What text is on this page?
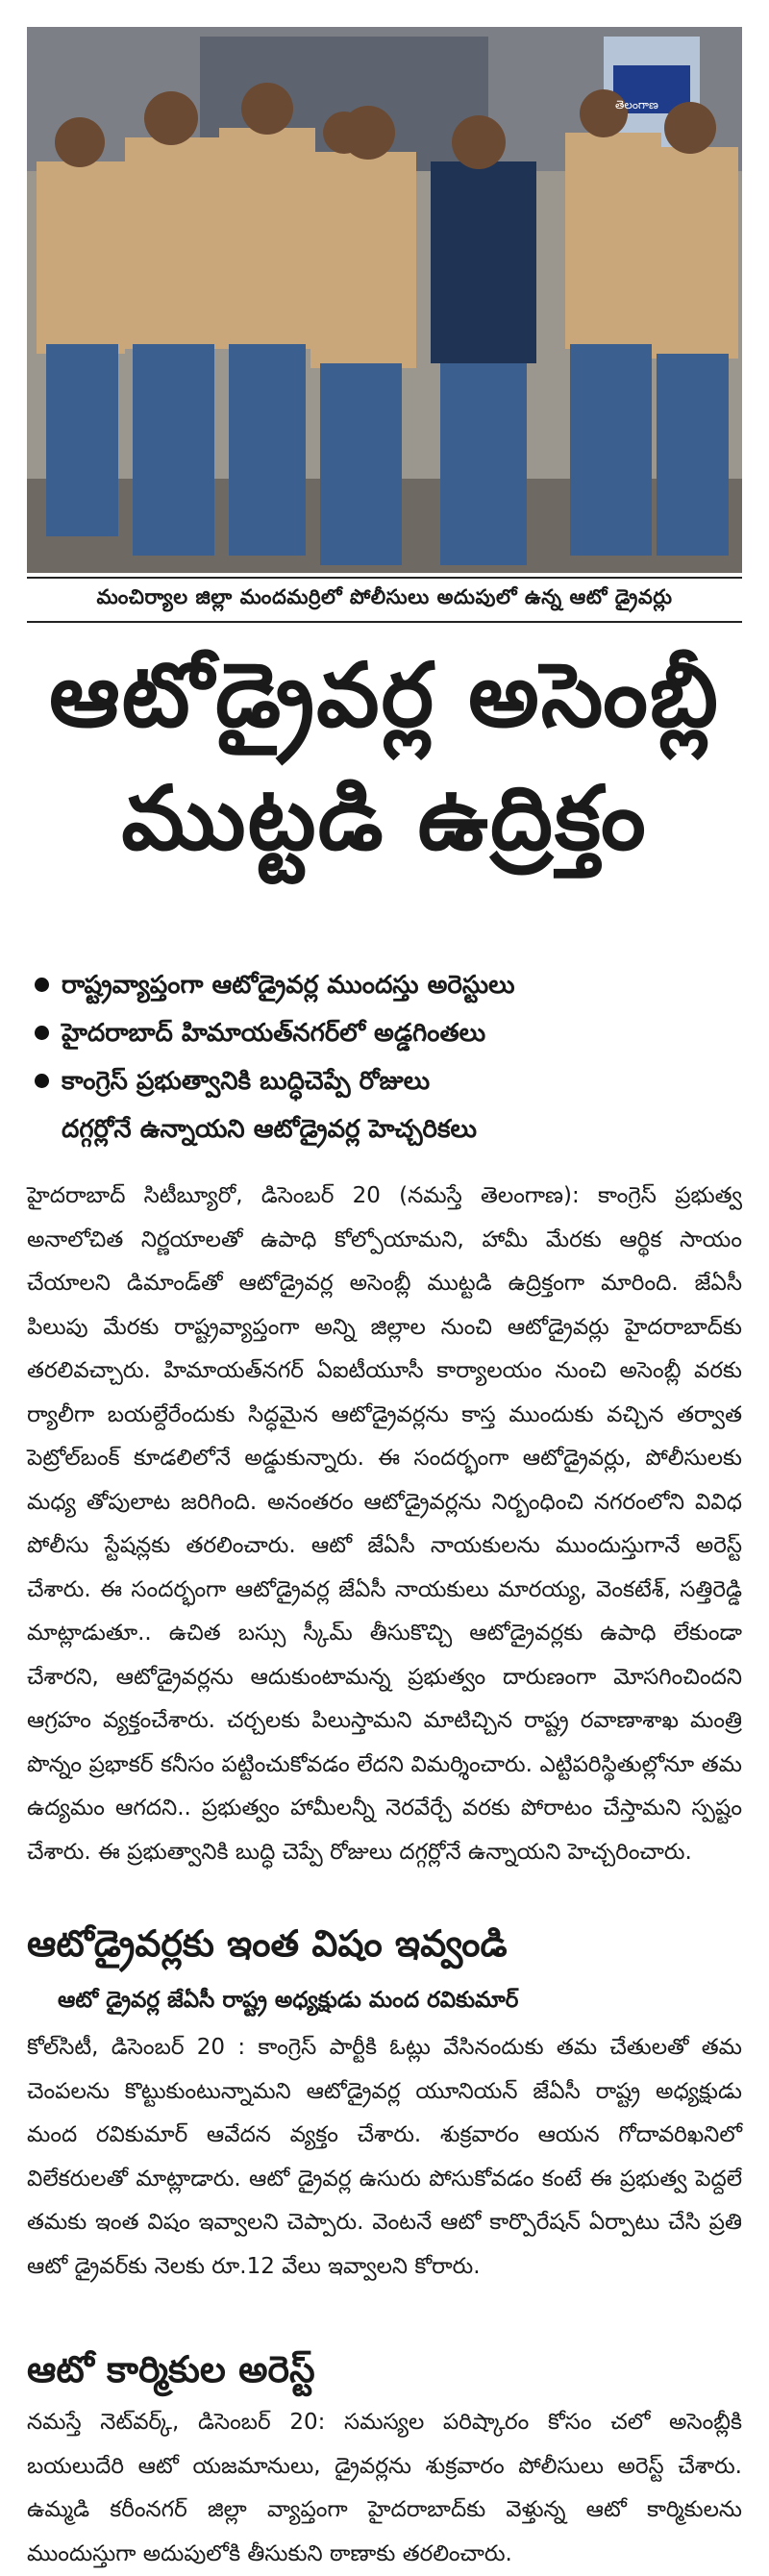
తెలంగాణ
మంచిర్యాల జిల్లా మందమర్రిలో పోలీసులు అదుపులో ఉన్న ఆటో డ్రైవర్లు
ఆటోడ్రైవర్ల అసెంబ్లీ
ముట్టడి ఉద్రిక్తం
రాష్ట్రవ్యాప్తంగా ఆటోడ్రైవర్ల ముందస్తు అరెస్టులు
హైదరాబాద్ హిమాయత్‌నగర్‌లో అడ్డగింతలు
కాంగ్రెస్ ప్రభుత్వానికి బుద్ధిచెప్పే రోజులు
దగ్గర్లోనే ఉన్నాయని ఆటోడ్రైవర్ల హెచ్చరికలు

హైదరాబాద్ సిటీబ్యూరో, డిసెంబర్ 20 (నమస్తే తెలంగాణ): కాంగ్రెస్ ప్రభుత్వ అనాలోచిత నిర్ణయాలతో ఉపాధి కోల్పోయామని, హామీ మేరకు ఆర్థిక సాయం చేయాలని డిమాండ్‌తో ఆటోడ్రైవర్ల అసెంబ్లీ ముట్టడి ఉద్రిక్తంగా మారింది. జేఏసీ పిలుపు మేరకు రాష్ట్రవ్యాప్తంగా అన్ని జిల్లాల నుంచి ఆటోడ్రైవర్లు హైదరాబాద్‌కు తరలివచ్చారు. హిమాయత్‌నగర్ ఏఐటీయూసీ కార్యాలయం నుంచి అసెంబ్లీ వరకు ర్యాలీగా బయల్దేరేందుకు సిద్ధమైన ఆటోడ్రైవర్లను కాస్త ముందుకు వచ్చిన తర్వాత పెట్రోల్‌బంక్ కూడలిలోనే అడ్డుకున్నారు. ఈ సందర్భంగా ఆటోడ్రైవర్లు, పోలీసులకు మధ్య తోపులాట జరిగింది. అనంతరం ఆటోడ్రైవర్లను నిర్బంధించి నగరంలోని వివిధ పోలీసు స్టేషన్లకు తరలించారు. ఆటో జేఏసీ నాయకులను ముందుస్తుగానే అరెస్ట్ చేశారు. ఈ సందర్భంగా ఆటోడ్రైవర్ల జేఏసీ నాయకులు మారయ్య, వెంకటేశ్, సత్తిరెడ్డి మాట్లాడుతూ.. ఉచిత బస్సు స్కీమ్ తీసుకొచ్చి ఆటోడ్రైవర్లకు ఉపాధి లేకుండా చేశారని, ఆటోడ్రైవర్లను ఆదుకుంటామన్న ప్రభుత్వం దారుణంగా మోసగించిందని ఆగ్రహం వ్యక్తంచేశారు. చర్చలకు పిలుస్తామని మాటిచ్చిన రాష్ట్ర రవాణాశాఖ మంత్రి పొన్నం ప్రభాకర్ కనీసం పట్టించుకోవడం లేదని విమర్శించారు. ఎట్టిపరిస్థితుల్లోనూ తమ ఉద్యమం ఆగదని.. ప్రభుత్వం హామీలన్నీ నెరవేర్చే వరకు పోరాటం చేస్తామని స్పష్టం చేశారు. ఈ ప్రభుత్వానికి బుద్ధి చెప్పే రోజులు దగ్గర్లోనే ఉన్నాయని హెచ్చరించారు.

ఆటోడ్రైవర్లకు ఇంత విషం ఇవ్వండి
ఆటో డ్రైవర్ల జేఏసీ రాష్ట్ర అధ్యక్షుడు మంద రవికుమార్

కోల్‌సిటీ, డిసెంబర్ 20 : కాంగ్రెస్ పార్టీకి ఓట్లు వేసినందుకు తమ చేతులతో తమ చెంపలను కొట్టుకుంటున్నామని ఆటోడ్రైవర్ల యూనియన్ జేఏసీ రాష్ట్ర అధ్యక్షుడు మంద రవికుమార్ ఆవేదన వ్యక్తం చేశారు. శుక్రవారం ఆయన గోదావరిఖనిలో విలేకరులతో మాట్లాడారు. ఆటో డ్రైవర్ల ఉసురు పోసుకోవడం కంటే ఈ ప్రభుత్వ పెద్దలే తమకు ఇంత విషం ఇవ్వాలని చెప్పారు. వెంటనే ఆటో కార్పొరేషన్ ఏర్పాటు చేసి ప్రతి ఆటో డ్రైవర్‌కు నెలకు రూ.12 వేలు ఇవ్వాలని కోరారు.

ఆటో కార్మికుల అరెస్ట్

నమస్తే నెట్‌వర్క్, డిసెంబర్ 20: సమస్యల పరిష్కారం కోసం చలో అసెంబ్లీకి బయలుదేరి ఆటో యజమానులు, డ్రైవర్లను శుక్రవారం పోలీసులు అరెస్ట్ చేశారు. ఉమ్మడి కరీంనగర్ జిల్లా వ్యాప్తంగా హైదరాబాద్‌కు వెళ్తున్న ఆటో కార్మికులను ముందుస్తుగా అదుపులోకి తీసుకుని ఠాణాకు తరలించారు.
